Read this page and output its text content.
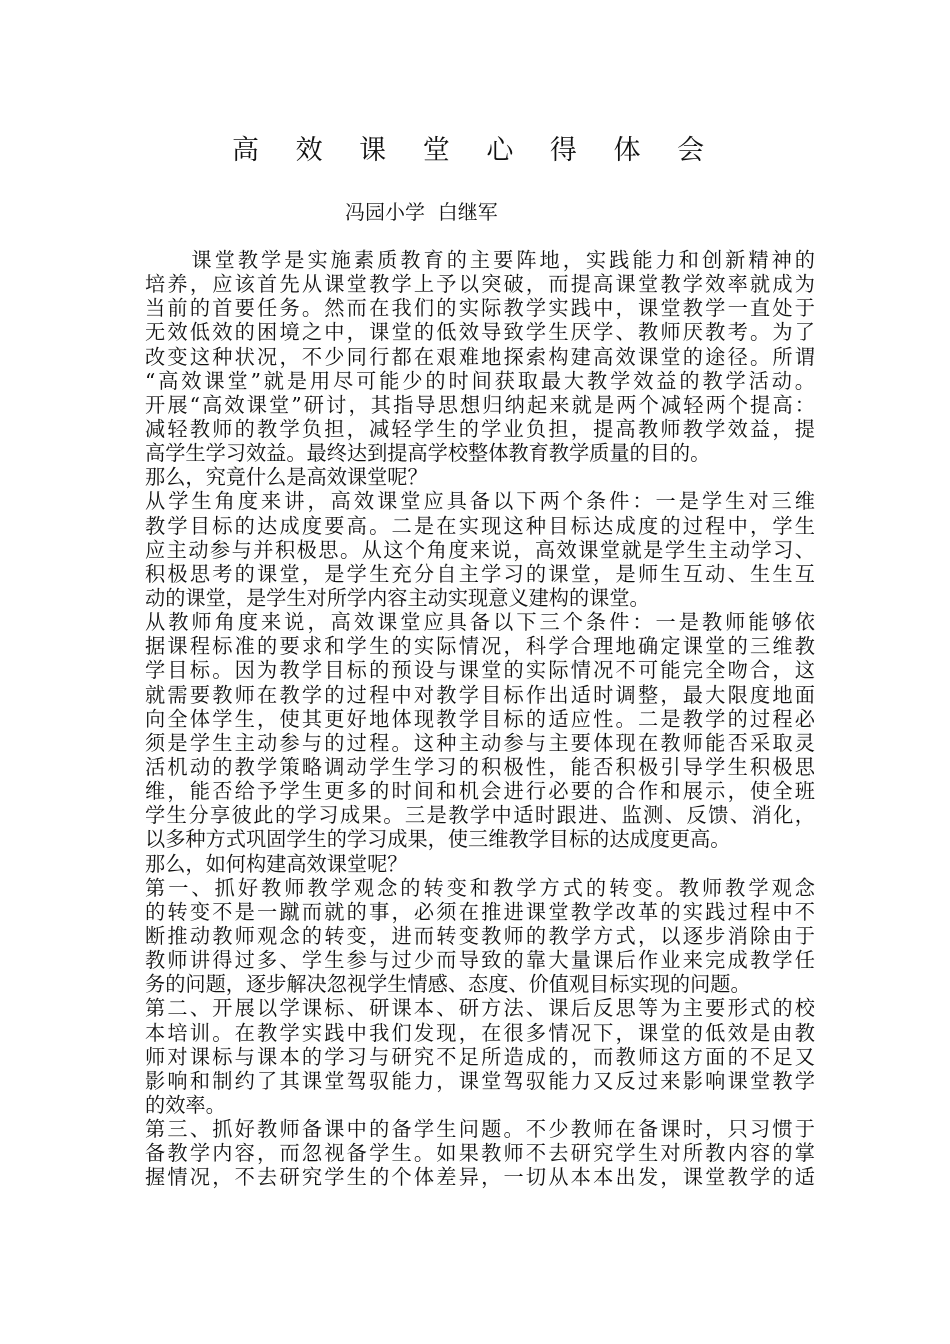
高 效 课 堂 心 得 体 会
冯园小学  白继军
　　课堂教学是实施素质教育的主要阵地，实践能力和创新精神的
培养，应该首先从课堂教学上予以突破，而提高课堂教学效率就成为
当前的首要任务。然而在我们的实际教学实践中，课堂教学一直处于
无效低效的困境之中，课堂的低效导致学生厌学、教师厌教考。为了
改变这种状况，不少同行都在艰难地探索构建高效课堂的途径。所谓
“高效课堂”就是用尽可能少的时间获取最大教学效益的教学活动。
开展“高效课堂”研讨，其指导思想归纳起来就是两个减轻两个提高：
减轻教师的教学负担，减轻学生的学业负担，提高教师教学效益，提
高学生学习效益。最终达到提高学校整体教育教学质量的目的。
那么，究竟什么是高效课堂呢？
从学生角度来讲，高效课堂应具备以下两个条件：一是学生对三维
教学目标的达成度要高。二是在实现这种目标达成度的过程中，学生
应主动参与并积极思。从这个角度来说，高效课堂就是学生主动学习、
积极思考的课堂，是学生充分自主学习的课堂，是师生互动、生生互
动的课堂，是学生对所学内容主动实现意义建构的课堂。
从教师角度来说，高效课堂应具备以下三个条件：一是教师能够依
据课程标准的要求和学生的实际情况，科学合理地确定课堂的三维教
学目标。因为教学目标的预设与课堂的实际情况不可能完全吻合，这
就需要教师在教学的过程中对教学目标作出适时调整，最大限度地面
向全体学生，使其更好地体现教学目标的适应性。二是教学的过程必
须是学生主动参与的过程。这种主动参与主要体现在教师能否采取灵
活机动的教学策略调动学生学习的积极性，能否积极引导学生积极思
维，能否给予学生更多的时间和机会进行必要的合作和展示，使全班
学生分享彼此的学习成果。三是教学中适时跟进、监测、反馈、消化，
以多种方式巩固学生的学习成果，使三维教学目标的达成度更高。
那么，如何构建高效课堂呢？
第一、抓好教师教学观念的转变和教学方式的转变。教师教学观念
的转变不是一蹴而就的事，必须在推进课堂教学改革的实践过程中不
断推动教师观念的转变，进而转变教师的教学方式，以逐步消除由于
教师讲得过多、学生参与过少而导致的靠大量课后作业来完成教学任
务的问题，逐步解决忽视学生情感、态度、价值观目标实现的问题。
第二、开展以学课标、研课本、研方法、课后反思等为主要形式的校
本培训。在教学实践中我们发现，在很多情况下，课堂的低效是由教
师对课标与课本的学习与研究不足所造成的，而教师这方面的不足又
影响和制约了其课堂驾驭能力，课堂驾驭能力又反过来影响课堂教学
的效率。
第三、抓好教师备课中的备学生问题。不少教师在备课时，只习惯于
备教学内容，而忽视备学生。如果教师不去研究学生对所教内容的掌
握情况，不去研究学生的个体差异，一切从本本出发，课堂教学的适
